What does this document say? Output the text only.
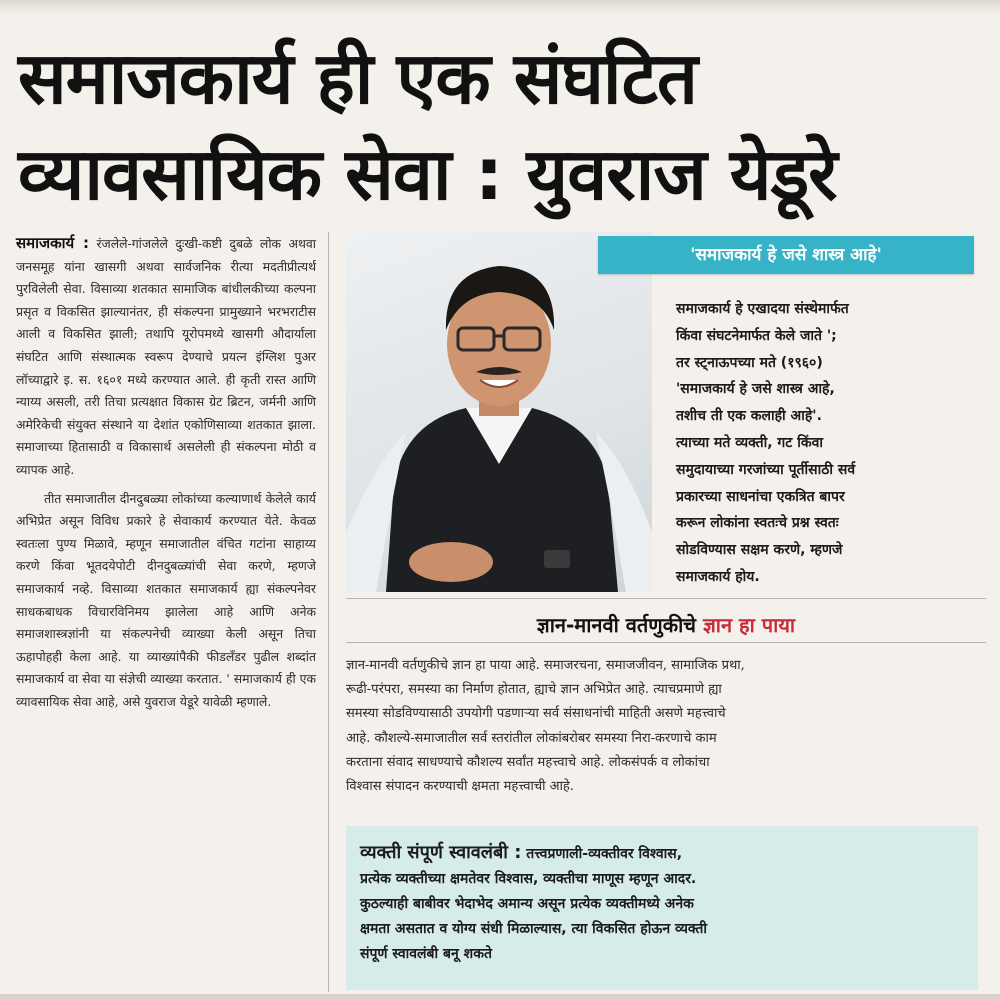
समाजकार्य ही एक संघटित
व्यावसायिक सेवा : युवराज येडूरे

समाजकार्य : रंजलेले-गांजलेले दुःखी-कष्टी दुबळे लोक अथवा जनसमूह यांना खासगी अथवा सार्वजनिक रीत्या मदतीप्रीत्यर्थ पुरविलेली सेवा. विसाव्या शतकात सामाजिक बांधीलकीच्या कल्पना प्रसृत व विकसित झाल्यानंतर, ही संकल्पना प्रामुख्याने भरभराटीस आली व विकसित झाली; तथापि यूरोपमध्ये खासगी औदार्याला संघटित आणि संस्थात्मक स्वरूप देण्याचे प्रयत्न इंग्लिश पुअर लॉच्याद्वारे इ. स. १६०१ मध्ये करण्यात आले. ही कृती रास्त आणि न्याय्य असली, तरी तिचा प्रत्यक्षात विकास ग्रेट ब्रिटन, जर्मनी आणि अमेरिकेची संयुक्त संस्थाने या देशांत एकोणिसाव्या शतकात झाला. समाजाच्या हितासाठी व विकासार्थ असलेली ही संकल्पना मोठी व व्यापक आहे.

तीत समाजातील दीनदुबळ्या लोकांच्या कल्याणार्थ केलेले कार्य अभिप्रेत असून विविध प्रकारे हे सेवाकार्य करण्यात येते. केवळ स्वतःला पुण्य मिळावे, म्हणून समाजातील वंचित गटांना साहाय्य करणे किंवा भूतदयेपोटी दीनदुबळ्यांची सेवा करणे, म्हणजे समाजकार्य नव्हे. विसाव्या शतकात समाजकार्य ह्या संकल्पनेवर साधकबाधक विचारविनिमय झालेला आहे आणि अनेक समाजशास्त्रज्ञांनी या संकल्पनेची व्याख्या केली असून तिचा ऊहापोहही केला आहे. या व्याख्यांपैकी फीडलँडर पुढील शब्दांत समाजकार्य वा सेवा या संज्ञेची व्याख्या करतात. ' समाजकार्य ही एक व्यावसायिक सेवा आहे, असे युवराज येडूरे यावेळी म्हणाले.

'समाजकार्य हे जसे शास्त्र आहे'
समाजकार्य हे एखादया संस्थेमार्फत
किंवा संघटनेमार्फत केले जाते ';
तर स्ट्नाऊपच्या मते (१९६०)
'समाजकार्य हे जसे शास्त्र आहे,
तशीच ती एक कलाही आहे'.
त्याच्या मते व्यक्ती, गट किंवा
समुदायाच्या गरजांच्या पूर्तीसाठी सर्व
प्रकारच्या साधनांचा एकत्रित बापर
करून लोकांना स्वतःचे प्रश्न स्वतः
सोडविण्यास सक्षम करणे, म्हणजे
समाजकार्य होय.
ज्ञान-मानवी वर्तणुकीचे ज्ञान हा पाया
ज्ञान-मानवी वर्तणुकीचे ज्ञान हा पाया आहे. समाजरचना, समाजजीवन, सामाजिक प्रथा,
रूढी-परंपरा, समस्या का निर्माण होतात, ह्याचे ज्ञान अभिप्रेत आहे. त्याचप्रमाणे ह्या
समस्या सोडविण्यासाठी उपयोगी पडणाऱ्या सर्व संसाधनांची माहिती असणे महत्त्वाचे
आहे. कौशल्ये-समाजातील सर्व स्तरांतील लोकांबरोबर समस्या निरा-करणाचे काम
करताना संवाद साधण्याचे कौशल्य सर्वांत महत्त्वाचे आहे. लोकसंपर्क व लोकांचा
विश्वास संपादन करण्याची क्षमता महत्त्वाची आहे.
व्यक्ती संपूर्ण स्वावलंबी : तत्त्वप्रणाली-व्यक्तीवर विश्वास,
प्रत्येक व्यक्तीच्या क्षमतेवर विश्वास, व्यक्तीचा माणूस म्हणून आदर.
कुठल्याही बाबीवर भेदाभेद अमान्य असून प्रत्येक व्यक्तीमध्ये अनेक
क्षमता असतात व योग्य संधी मिळाल्यास, त्या विकसित होऊन व्यक्ती
संपूर्ण स्वावलंबी बनू शकते
